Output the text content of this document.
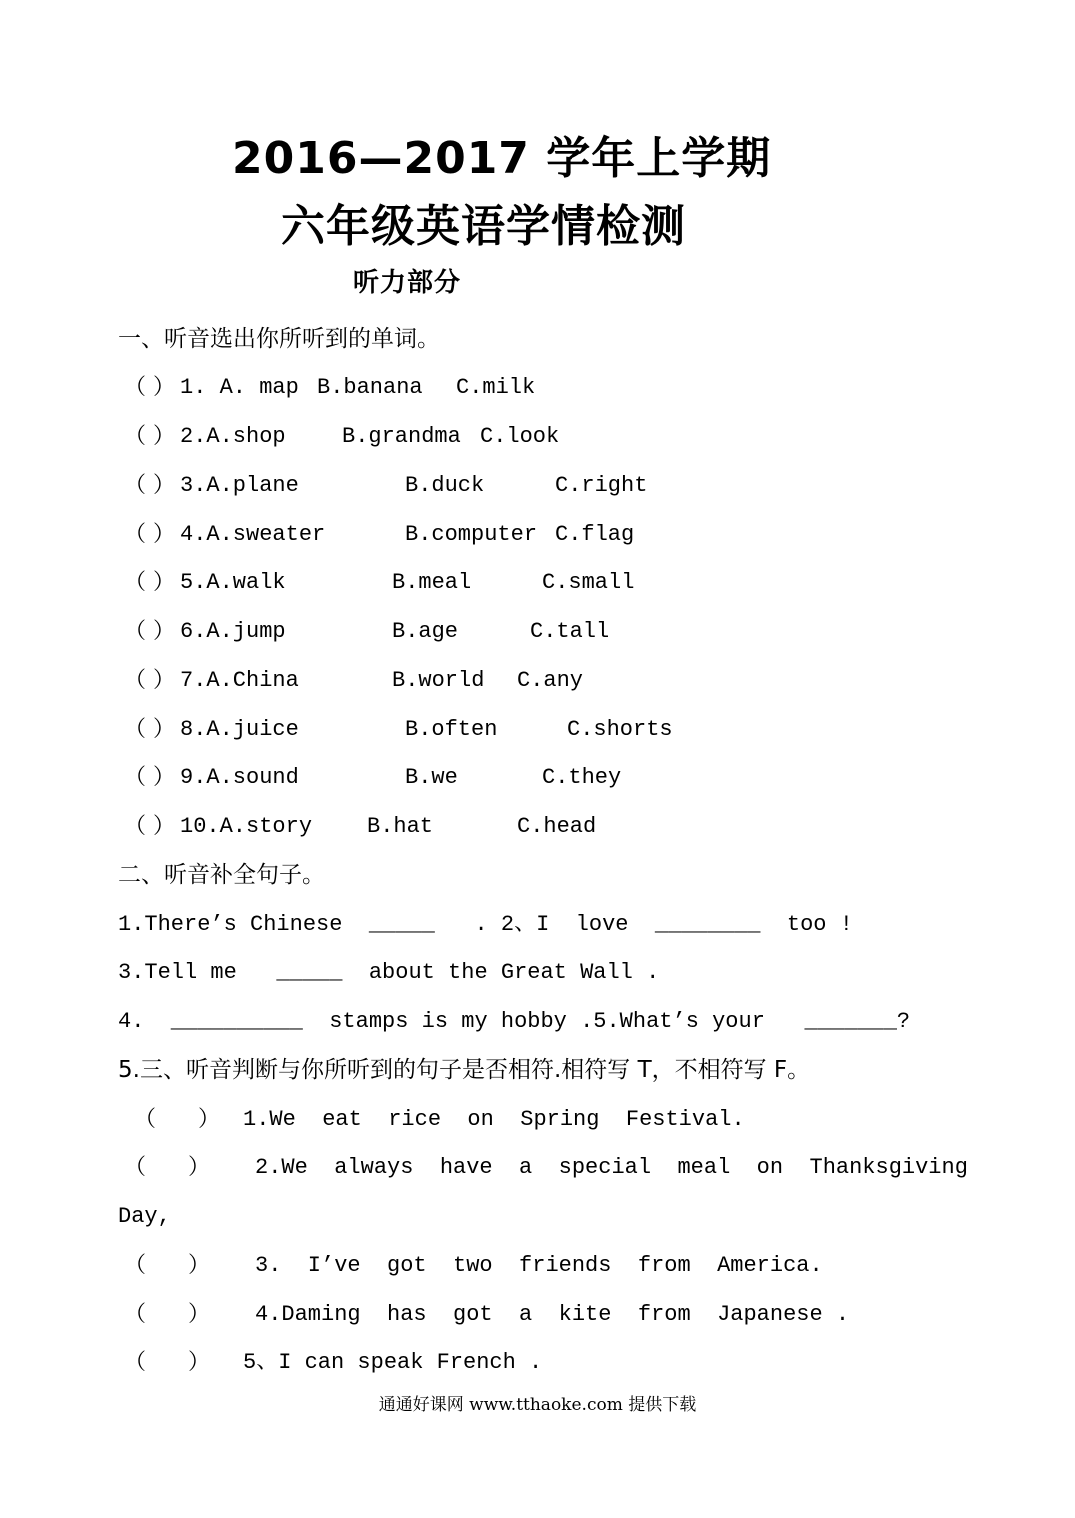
2016—2017 学年上学期
六年级英语学情检测
听力部分
一、听音选出你所听到的单词。
（ ） 1. A. map B.banana C.milk
（ ） 2.A.shop	B.grandma C.look
（ ） 3.A.plane	B.duck	C.right
（ ） 4.A.sweater	B.computer C.flag
（ ） 5.A.walk	B.meal	C.small
（ ） 6.A.jump	B.age	C.tall
（ ） 7.A.China	B.world C.any
（ ） 8.A.juice	B.often	C.shorts
（ ） 9.A.sound	B.we	C.they
（ ） 10.A.story B.hat	C.head
二、听音补全句子。
1.There’s Chinese  _____   . 2、I  love  ________  too !
3.Tell me   _____  about the Great Wall .
4.  __________  stamps is my hobby .5.What’s your   _______?
5.三、听音判断与你所听到的句子是否相符.相符写 T，不相符写 F。
（      ） 1.We  eat  rice  on  Spring  Festival.
（      ） 2.We  always  have  a  special  meal  on  Thanksgiving
Day,
（      ） 3.  I’ve  got  two  friends  from  America.
（      ） 4.Daming  has  got  a  kite  from  Japanese .
（      ） 5、I can speak French .
通通好课网 www.tthaoke.com 提供下载
